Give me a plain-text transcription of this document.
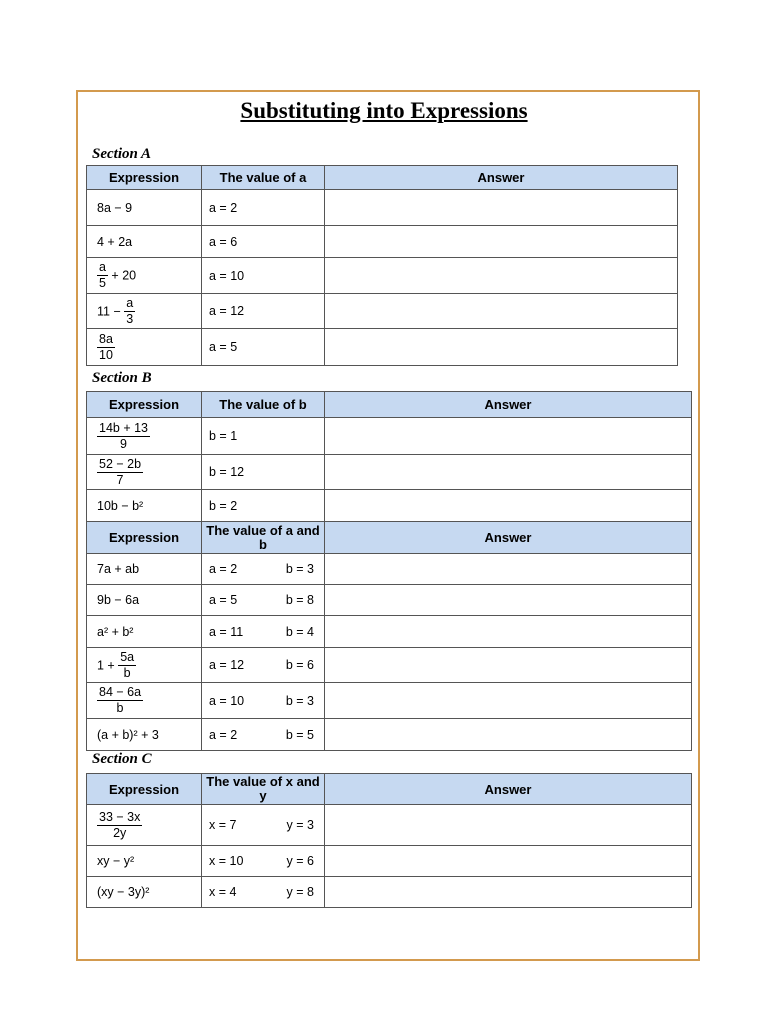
Substituting into Expressions
Section A
Expression	The value of a	Answer
8a − 9	a = 2	
4 + 2a	a = 6	

$\frac{a}{5} + 20$	a = 10	
$11 - \frac{a}{3}$	a = 12	

$\frac{8a}{10}$	a = 5	
Section B
Expression	The value of b	Answer

$\frac{14b + 13}{9}$	b = 1	

$\frac{52 - 2b}{7}$	b = 12	
10b − b²	b = 2	
Expression	The value of a and b	Answer
7a + ab	a = 2 b = 3	

9b − 6a	a = 5 b = 8	

a² + b²	a = 11 b = 4	

$1 + \frac{5a}{b}$	a = 12 b = 6	

$\frac{84 - 6a}{b}$	a = 10 b = 3	

(a + b)² + 3	a = 2 b = 5	

Section C
Expression	The value of x and y	Answer

$\frac{33 - 3x}{2y}$	x = 7 y = 3	

xy − y²	x = 10 y = 6	

(xy − 3y)²	x = 4 y = 8	
